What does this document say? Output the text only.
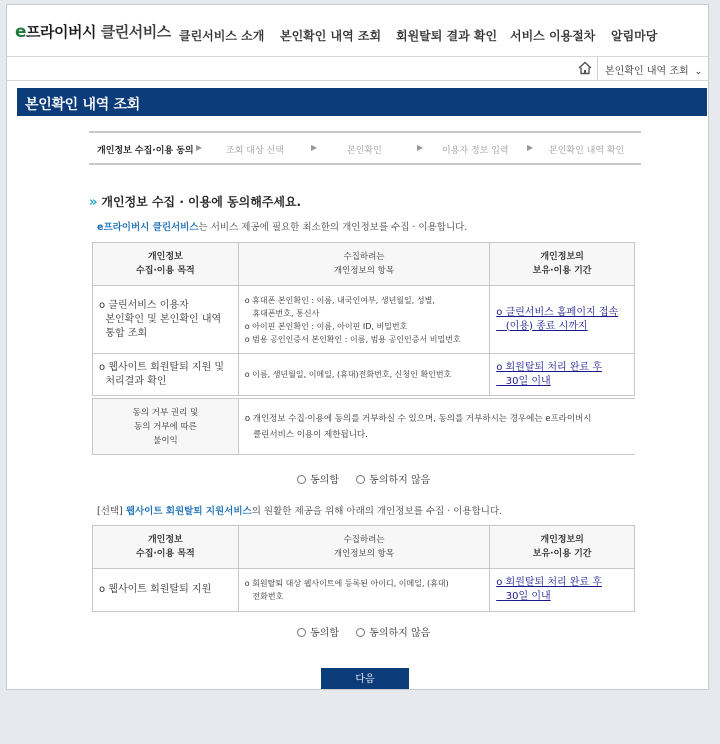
e프라이버시 클린서비스 클린서비스 소개 본인확인 내역 조회 회원탈퇴 결과 확인 서비스 이용절차 알림마당
본인확인 내역 조회 ⌄
본인확인 내역 조회
개인정보 수집·이용 동의 ▶	조회 대상 선택	▶	본인확인	▶ 이용자 정보 입력 ▶ 본인확인 내역 확인
» 개인정보 수집 · 이용에 동의해주세요.
e프라이버시 클린서비스는 서비스 제공에 필요한 최소한의 개인정보를 수집 · 이용합니다.
개인정보
수집·이용 목적	수집하려는
개인정보의 항목	개인정보의
보유·이용 기간
o 클린서비스 이용자
본인확인 및 본인확인 내역
통합 조회	o 휴대폰 본인확인 : 이름, 내국인여부, 생년월일, 성별,
휴대폰번호, 통신사
o 아이핀 본인확인 : 이름, 아이핀 ID, 비밀번호
o 범용 공인인증서 본인확인 : 이름, 범용 공인인증서 비밀번호	o 클린서비스 홈페이지 접속
(이용) 종료 시까지
o 웹사이트 회원탈퇴 지원 및
처리결과 확인	o 이름, 생년월일, 이메일, (휴대)전화번호, 신청인 확인번호	o 회원탈퇴 처리 완료 후
30일 이내
동의 거부 권리 및
동의 거부에 따른
불이익	o 개인정보 수집·이용에 동의를 거부하실 수 있으며, 동의를 거부하시는 경우에는 e프라이버시
클린서비스 이용이 제한됩니다.
동의함	동의하지 않음
[선택] 웹사이트 회원탈퇴 지원서비스의 원활한 제공을 위해 아래의 개인정보를 수집 · 이용합니다.
개인정보
수집·이용 목적	수집하려는
개인정보의 항목	개인정보의
보유·이용 기간
o 웹사이트 회원탈퇴 지원	o 회원탈퇴 대상 웹사이트에 등록된 아이디, 이메일, (휴대)
전화번호	o 회원탈퇴 처리 완료 후
30일 이내
동의함	동의하지 않음
다음
